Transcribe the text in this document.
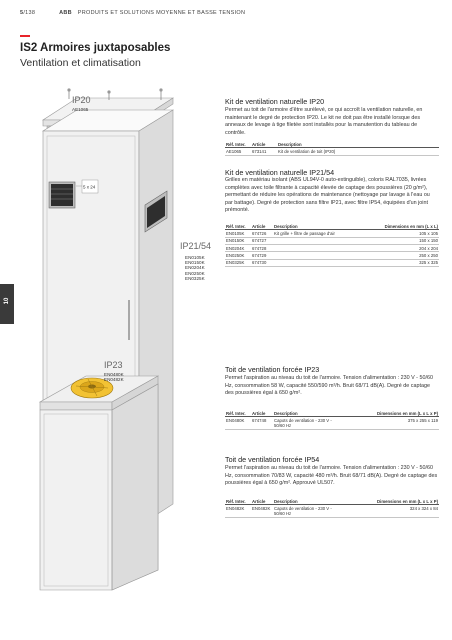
5/138	ABB PRODUITS ET SOLUTIONS MOYENNE ET BASSE TENSION
IS2 Armoires juxtaposables
Ventilation et climatisation
10
5 x 24
IP20
AE1065
IP21/54
EN0105K
EN0150K
EN0204K
EN0250K
EN0325K
IP23
EN0480K
EN0482K
Kit de ventilation naturelle IP20
Permet au toit de l'armoire d'être surélevé, ce qui accroît la ventilation naturelle, en maintenant le degré de protection IP20. Le kit ne doit pas être installé lorsque des anneaux de levage à tige filetée sont installés pour la manutention du tableau de contrôle.
Réf. Inter.	Article	Description
AE1065	673141	Kit de ventilation de toit (IP20)
Kit de ventilation naturelle IP21/54
Grilles en matériau isolant (ABS UL94V-0 auto-extinguible), coloris RAL7035, livrées complètes avec toile filtrante à capacité élevée de captage des poussières (20 g/m²), permettant de réduire les opérations de maintenance (nettoyage par lavage à l'eau ou par battage). Degré de protection sans filtre IP21, avec filtre IP54, équipées d'un joint prémonté.
Réf. Inter.	Article	Description	Dimensions en mm (L x L)
EN0105K	674726	Kit grille + filtre de passage d'air	105 x 105
EN0150K	674727		150 x 150
EN0204K	674728		204 x 204
EN0250K	674729		250 x 250
EN0325K	674730		325 x 325
Toit de ventilation forcée IP23
Permet l'aspiration au niveau du toit de l'armoire. Tension d'alimentation : 230 V - 50/60 Hz, consommation 58 W, capacité 550/590 m³/h. Bruit 68/71 dB(A). Degré de captage des poussières égal à 650 g/m².
Réf. Inter.	Article	Description	Dimensions en mm (L x L x P)
EN0480K	674748	Capots de ventilation - 230 V - 50/60 Hz	375 x 255 x 119
Toit de ventilation forcée IP54
Permet l'aspiration au niveau du toit de l'armoire. Tension d'alimentation : 230 V - 50/60 Hz, consommation 70/83 W, capacité 480 m³/h. Bruit 68/71 dB(A). Degré de captage des poussières égal à 650 g/m². Approuvé UL507.
Réf. Inter.	Article	Description	Dimensions en mm (L x L x P)
EN0482K	EN0482K	Capots de ventilation - 230 V - 50/60 Hz	324 x 324 x 84
